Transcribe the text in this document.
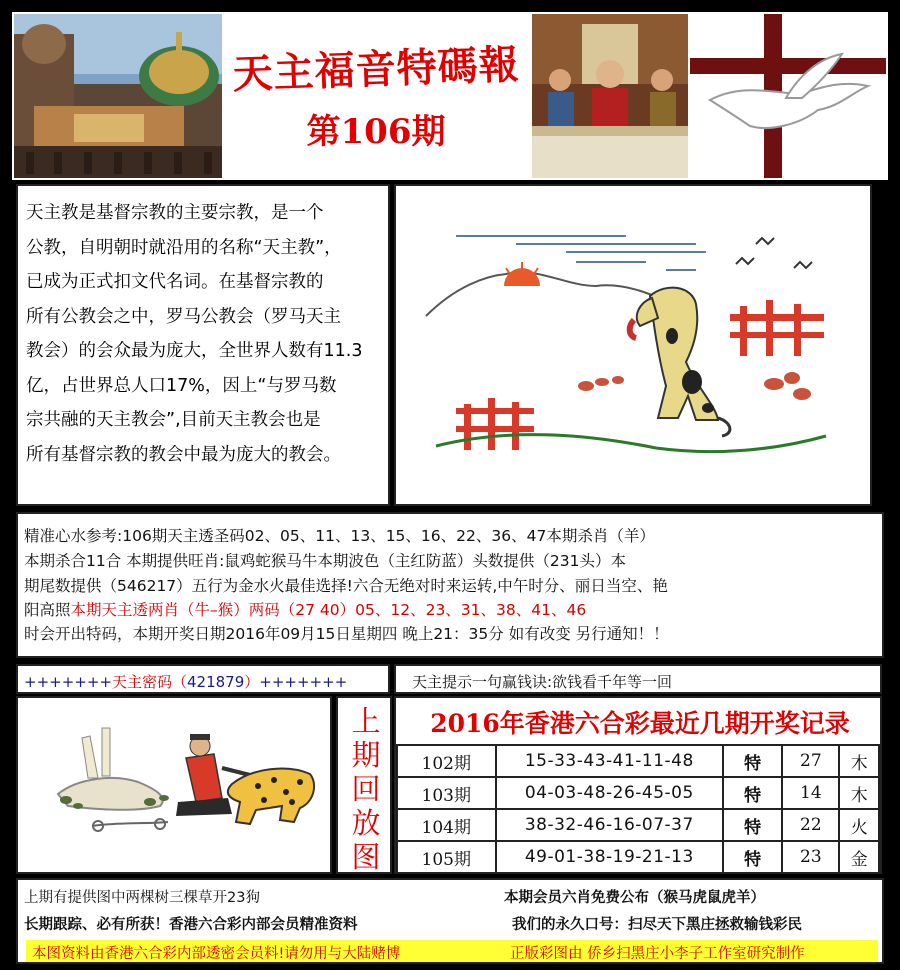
天主福音特碼報
第106期
天主教是基督宗教的主要宗教，是一个
公教，自明朝时就沿用的名称“天主教”，
已成为正式扣文代名词。在基督宗教的
所有公教会之中，罗马公教会（罗马天主
教会）的会众最为庞大，全世界人数有11.3
亿，占世界总人口17%，因上“与罗马数
宗共融的天主教会”,目前天主教会也是
所有基督宗教的教会中最为庞大的教会。
精准心水参考:106期天主透圣码02、05、11、13、15、16、22、36、47本期杀肖（羊）
本期杀合11合 本期提供旺肖:鼠鸡蛇猴马牛本期波色（主红防蓝）头数提供（231头）本
期尾数提供（546217）五行为金水火最佳选择!六合无绝对时来运转,中午时分、丽日当空、艳
阳高照本期天主透两肖（牛–猴）两码（27 40）05、12、23、31、38、41、46
时会开出特码，本期开奖日期2016年09月15日星期四 晚上21：35分 如有改变 另行通知！！
+++++++天主密码（421879）+++++++	天主提示一句赢钱诀:欲钱看千年等一回
上
期
回
放
图
2016年香港六合彩最近几期开奖记录
102期	15-33-43-41-11-48	特	27	木
103期	04-03-48-26-45-05	特	14	木
104期	38-32-46-16-07-37	特	22	火
105期	49-01-38-19-21-13	特	23	金
上期有提供图中两棵树三棵草开23狗	本期会员六肖免费公布（猴马虎鼠虎羊）
长期跟踪、必有所获！香港六合彩内部会员精准资料	我们的永久口号：扫尽天下黑庄拯救输钱彩民
本图资料由香港六合彩内部透密会员料!请勿用与大陆赌博	正版彩图由 侨乡扫黑庄小李子工作室研究制作
